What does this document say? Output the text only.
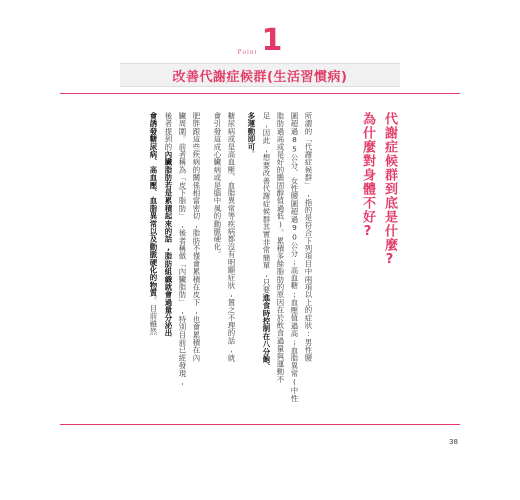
Point 1
改善代謝症候群(生活習慣病)
代謝症候群到底是什麼?
為什麼對身體不好?
所謂的「代謝症候群」,指的是符合下列項目中兩項以上的症狀:男性腰
圍超過85公分、女性腰圍超過90公分;高血糖;血壓值過高;血脂異常(中性
脂肪過高或是好的膽固醇值過低)。累積多餘脂肪的原因在於飲食過量與運動不
足,因此,想要改善代謝症候群其實非常簡單,只要進食時控制在八分飽、
多運動即可。
糖尿病或是高血壓、血脂異常等疾病都沒有明顯症狀,置之不理的話,就
會引發這成心臟病或是腦中風的動脈硬化。
肥胖跟這些疾病的關係相當密切,脂肪不僅會累積在皮下,也會累積在內
臟周圍。前者稱為「皮下脂肪」,後者稱做「內臟脂肪」,特別目前已經發現,
後者提到的內臟脂肪若是累積起來的話,脂肪組織就會過量分泌出
會誘發糖尿病、高血壓、血脂異常以及動脈硬化的物質。目前雖然
38
